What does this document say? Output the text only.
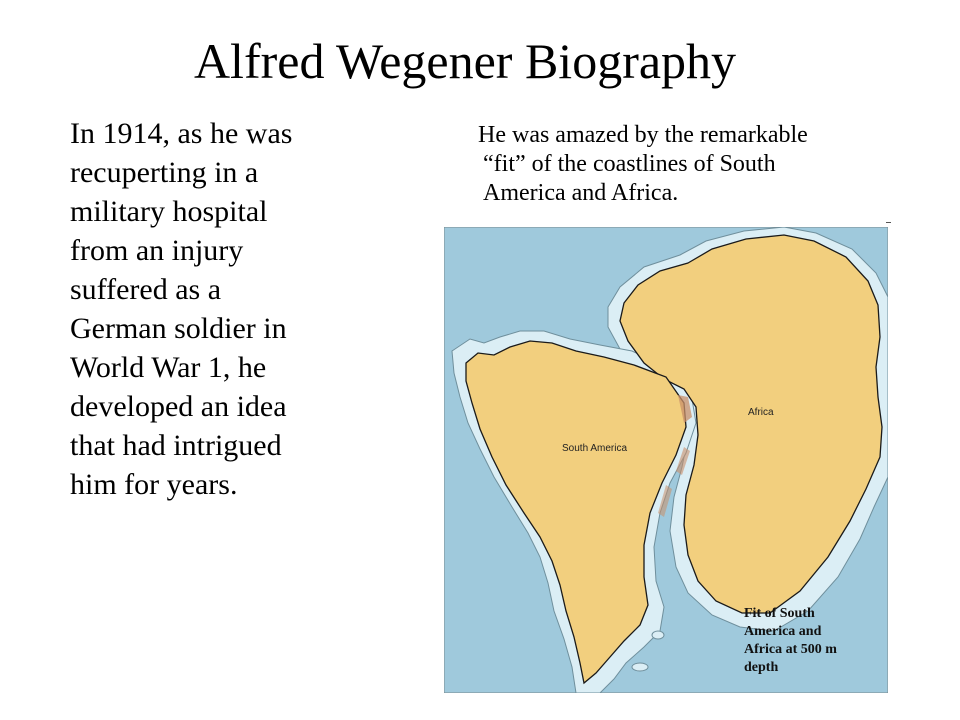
Alfred Wegener Biography
In 1914, as he was
recuperting in a
military hospital
from an injury
suffered as a
German soldier in
World War 1, he
developed an idea
that had intrigued
him for years.
He was amazed by the remarkable
“fit” of the coastlines of South
America and Africa.
South America
Africa
Fit of South
America and
Africa at 500 m
depth
